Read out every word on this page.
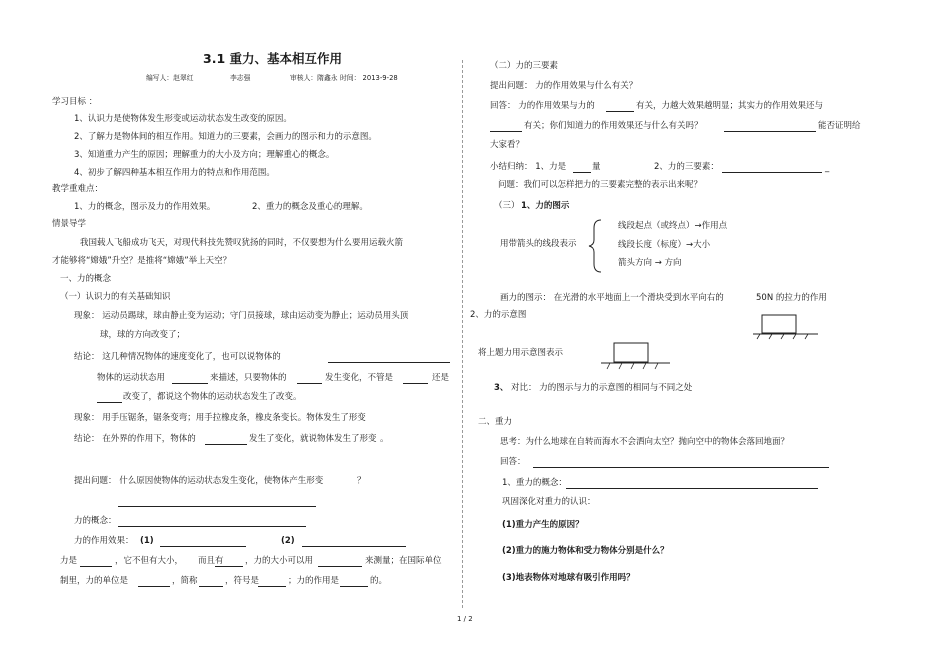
3.1 重力、基本相互作用
编写人：赵翠红	李志强	审核人：隋鑫永 时间： 2013-9-28
学习目标 ：
1、认识力是使物体发生形变或运动状态发生改变的原因。
2、了解力是物体间的相互作用。知道力的三要素，会画力的图示和力的示意图。
3、知道重力产生的原因；理解重力的大小及方向；理解重心的概念。
4、初步了解四种基本相互作用力的特点和作用范围。
教学重难点：
1、力的概念，图示及力的作用效果。	2、重力的概念及重心的理解。
情景导学
我国载人飞船成功飞天，对现代科技先赞叹犹扬的同时，不仅要想为什么要用运载火箭
才能够将“嫦娥”升空？是推将“嫦娥”举上天空？
一、力的概念
（一）认识力的有关基础知识
现象： 运动员踢球，球由静止变为运动；守门员接球，球由运动变为静止；运动员用头顶
球，球的方向改变了；
结论： 这几种情况物体的速度变化了，也可以说物体的
物体的运动状态用	来描述，只要物体的	发生变化，不管是	还是
改变了，都说这个物体的运动状态发生了改变。
现象： 用手压锯条，锯条变弯；用手拉橡皮条，橡皮条变长。物体发生了形变
结论： 在外界的作用下，物体的	发生了变化，就说物体发生了形变 。
提出问题： 什么原因使物体的运动状态发生变化，使物体产生形变	？
力的概念：
力的作用效果： (1)	(2)
力是	，它不但有大小， 而且有	，力的大小可以用	来测量；在国际单位
制里，力的单位是	，简称	，符号是	；力的作用是	的。
（二）力的三要素
提出问题： 力的作用效果与什么有关？
回答： 力的作用效果与力的	有关，力越大效果越明显；其实力的作用效果还与
有关；你们知道力的作用效果还与什么有关吗？	能否证明给
大家看？
小结归纳： 1、力是	量	2、力的三要素：	_
问题：我们可以怎样把力的三要素完整的表示出来呢？
（三） 1、力的图示
用带箭头的线段表示
线段起点（或终点）→作用点
线段长度（标度）→大小
箭头方向 → 方向
画力的图示： 在光滑的水平地面上一个滑块受到水平向右的	50N 的拉力的作用
2、力的示意图
将上题力用示意图表示
3、 对比： 力的图示与力的示意图的相同与不同之处
二、重力
思考：为什么地球在自转而海水不会洒向太空？抛向空中的物体会落回地面？
回答：
1、重力的概念：
巩固深化对重力的认识：
(1)重力产生的原因？
(2)重力的施力物体和受力物体分别是什么？
(3)地表物体对地球有吸引作用吗？
1 / 2
